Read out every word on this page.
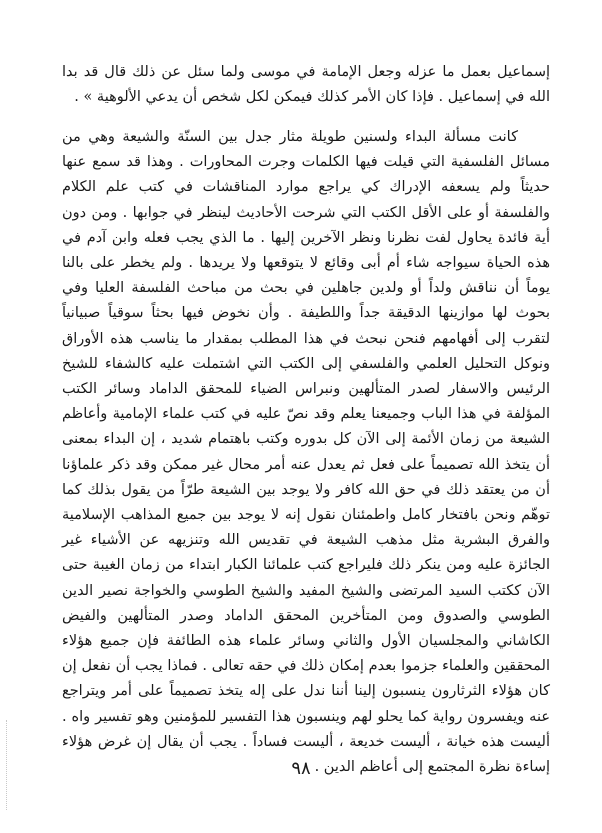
إسماعيل بعمل ما عزله وجعل الإمامة في موسى ولما سئل عن ذلك قال قد بدا الله في إسماعيل . فإذا كان الأمر كذلك فيمكن لكل شخص أن يدعي الألوهية » .

كانت مسألة البداء ولسنين طويلة مثار جدل بين السنّة والشيعة وهي من مسائل الفلسفية التي قيلت فيها الكلمات وجرت المحاورات . وهذا قد سمع عنها حديثاً ولم يسعفه الإدراك كي يراجع موارد المناقشات في كتب علم الكلام والفلسفة أو على الأقل الكتب التي شرحت الأحاديث لينظر في جوابها . ومن دون أية فائدة يحاول لفت نظرنا ونظر الآخرين إليها . ما الذي يجب فعله وابن آدم في هذه الحياة سيواجه شاء أم أبى وقائع لا يتوقعها ولا يريدها . ولم يخطر على بالنا يوماً أن نناقش ولداً أو ولدين جاهلين في بحث من مباحث الفلسفة العليا وفي بحوث لها موازينها الدقيقة جداً واللطيفة . وأن نخوض فيها بحثاً سوقياً صبيانياً لتقرب إلى أفهامهم فنحن نبحث في هذا المطلب بمقدار ما يناسب هذه الأوراق ونوكل التحليل العلمي والفلسفي إلى الكتب التي اشتملت عليه كالشفاء للشيخ الرئيس والاسفار لصدر المتألهين ونبراس الضياء للمحقق الداماد وسائر الكتب المؤلفة في هذا الباب وجميعنا يعلم وقد نصّ عليه في كتب علماء الإمامية وأعاظم الشيعة من زمان الأئمة إلى الآن كل بدوره وكتب باهتمام شديد ، إن البداء بمعنى أن يتخذ الله تصميماً على فعل ثم يعدل عنه أمر محال غير ممكن وقد ذكر علماؤنا أن من يعتقد ذلك في حق الله كافر ولا يوجد بين الشيعة طرّاً من يقول بذلك كما توهّم ونحن بافتخار كامل واطمئنان نقول إنه لا يوجد بين جميع المذاهب الإسلامية والفرق البشرية مثل مذهب الشيعة في تقديس الله وتنزيهه عن الأشياء غير الجائزة عليه ومن ينكر ذلك فليراجع كتب علمائنا الكبار ابتداء من زمان الغيبة حتى الآن ككتب السيد المرتضى والشيخ المفيد والشيخ الطوسي والخواجة نصير الدين الطوسي والصدوق ومن المتأخرين المحقق الداماد وصدر المتألهين والفيض الكاشاني والمجلسيان الأول والثاني وسائر علماء هذه الطائفة فإن جميع هؤلاء المحققين والعلماء جزموا بعدم إمكان ذلك في حقه تعالى . فماذا يجب أن نفعل إن كان هؤلاء الثرثارون ينسبون إلينا أننا ندل على إله يتخذ تصميماً على أمر ويتراجع عنه ويفسرون رواية كما يحلو لهم وينسبون هذا التفسير للمؤمنين وهو تفسير واه . أليست هذه خيانة ، أليست خديعة ، أليست فساداً . يجب أن يقال إن غرض هؤلاء إساءة نظرة المجتمع إلى أعاظم الدين .

٩٨
